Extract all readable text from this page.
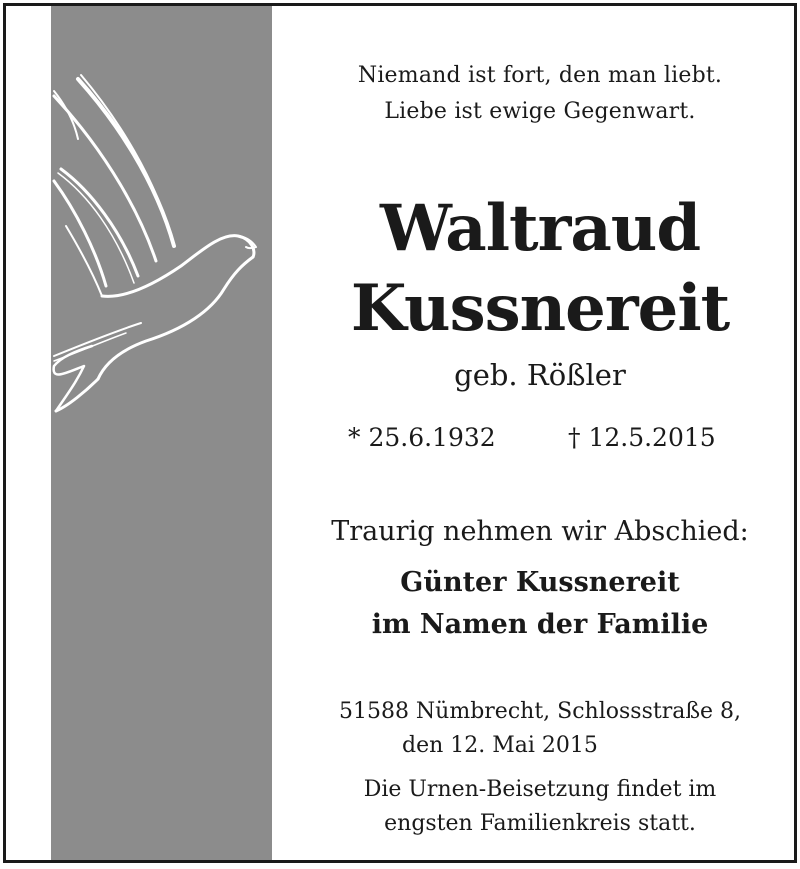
Niemand ist fort, den man liebt.
Liebe ist ewige Gegenwart.
Waltraud
Kussnereit
geb. Rößler
* 25.6.1932	† 12.5.2015
Traurig nehmen wir Abschied:
Günter Kussnereit
im Namen der Familie
51588 Nümbrecht, Schlossstraße 8,
den 12. Mai 2015
Die Urnen-Beisetzung findet im
engsten Familienkreis statt.
